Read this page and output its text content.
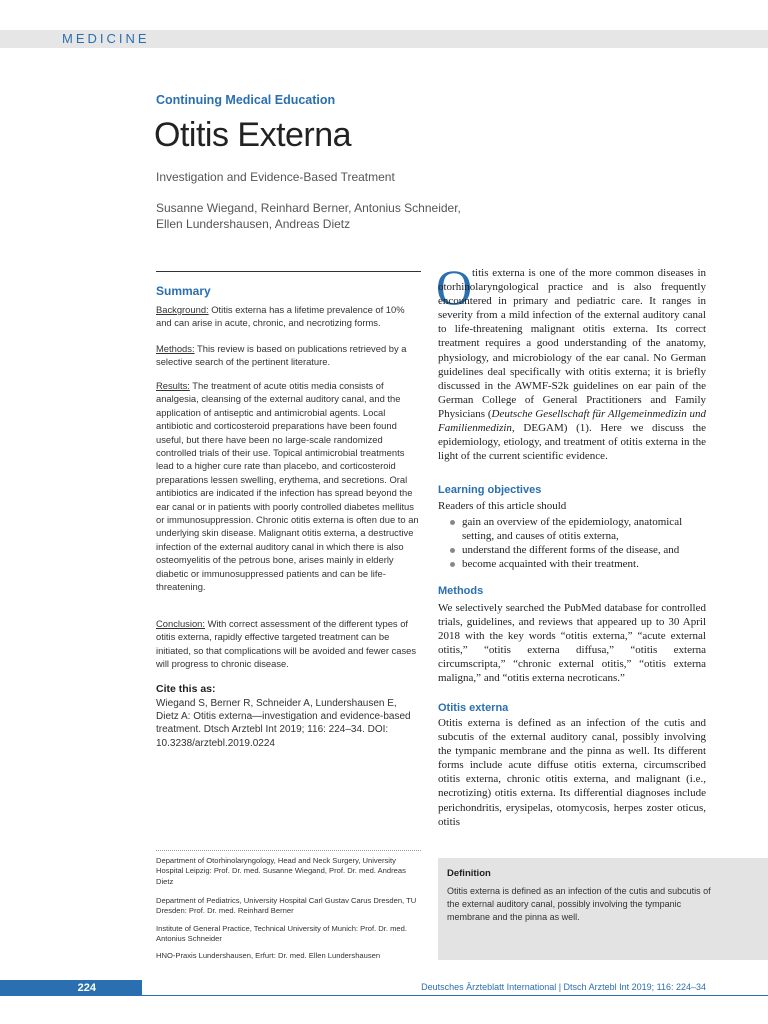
MEDICINE
Continuing Medical Education
Otitis Externa
Investigation and Evidence-Based Treatment
Susanne Wiegand, Reinhard Berner, Antonius Schneider,
Ellen Lundershausen, Andreas Dietz
Summary

Background: Otitis externa has a lifetime prevalence of 10% and can arise in acute, chronic, and necrotizing forms.

Methods: This review is based on publications retrieved by a selective search of the pertinent literature.

Results: The treatment of acute otitis media consists of analgesia, cleansing of the external auditory canal, and the application of antiseptic and antimicrobial agents. Local antibiotic and corticosteroid preparations have been found useful, but there have been no large-scale randomized controlled trials of their use. Topical antimicrobial treatments lead to a higher cure rate than placebo, and corticosteroid preparations lessen swelling, erythema, and secretions. Oral antibiotics are indicated if the infection has spread beyond the ear canal or in patients with poorly controlled diabetes mellitus or immunosuppression. Chronic otitis externa is often due to an underlying skin disease. Malignant otitis externa, a destructive infection of the external auditory canal in which there is also osteomyelitis of the petrous bone, arises mainly in elderly diabetic or immunosuppressed patients and can be life-threatening.

Conclusion: With correct assessment of the different types of otitis externa, rapidly effective targeted treatment can be initiated, so that complications will be avoided and fewer cases will progress to chronic disease.

Cite this as:
Wiegand S, Berner R, Schneider A, Lundershausen E, Dietz A: Otitis externa—investigation and evidence-based treatment. Dtsch Arztebl Int 2019; 116: 224–34. DOI: 10.3238/arztebl.2019.0224

Department of Otorhinolaryngology, Head and Neck Surgery, University Hospital Leipzig: Prof. Dr. med. Susanne Wiegand, Prof. Dr. med. Andreas Dietz

Department of Pediatrics, University Hospital Carl Gustav Carus Dresden, TU Dresden: Prof. Dr. med. Reinhard Berner

Institute of General Practice, Technical University of Munich: Prof. Dr. med. Antonius Schneider

HNO-Praxis Lundershausen, Erfurt: Dr. med. Ellen Lundershausen

O titis externa is one of the more common diseases in otorhinolaryngological practice and is also frequently encountered in primary and pediatric care. It ranges in severity from a mild infection of the external auditory canal to life-threatening malignant otitis externa. Its correct treatment requires a good understanding of the anatomy, physiology, and microbiology of the ear canal. No German guidelines deal specifically with otitis externa; it is briefly discussed in the AWMF-S2k guidelines on ear pain of the German College of General Practitioners and Family Physicians (Deutsche Gesellschaft für Allgemeinmedizin und Familienmedizin, DEGAM) (1). Here we discuss the epidemiology, etiology, and treatment of otitis externa in the light of the current scientific evidence.

Learning objectives

Readers of this article should

gain an overview of the epidemiology, anatomical setting, and causes of otitis externa,
understand the different forms of the disease, and
become acquainted with their treatment.
Methods

We selectively searched the PubMed database for controlled trials, guidelines, and reviews that appeared up to 30 April 2018 with the key words “otitis externa,” “acute external otitis,” “otitis externa diffusa,” “otitis externa circumscripta,” “chronic external otitis,” “otitis externa maligna,” and “otitis externa necroticans.”

Otitis externa

Otitis externa is defined as an infection of the cutis and subcutis of the external auditory canal, possibly involving the tympanic membrane and the pinna as well. Its different forms include acute diffuse otitis externa, circumscribed otitis externa, chronic otitis externa, and malignant (i.e., necrotizing) otitis externa. Its differential diagnoses include perichondritis, erysipelas, otomycosis, herpes zoster oticus, otitis

Definition
Otitis externa is defined as an infection of the cutis and subcutis of the external auditory canal, possibly involving the tympanic membrane and the pinna as well.
224	Deutsches Ärzteblatt International | Dtsch Arztebl Int 2019; 116: 224–34
